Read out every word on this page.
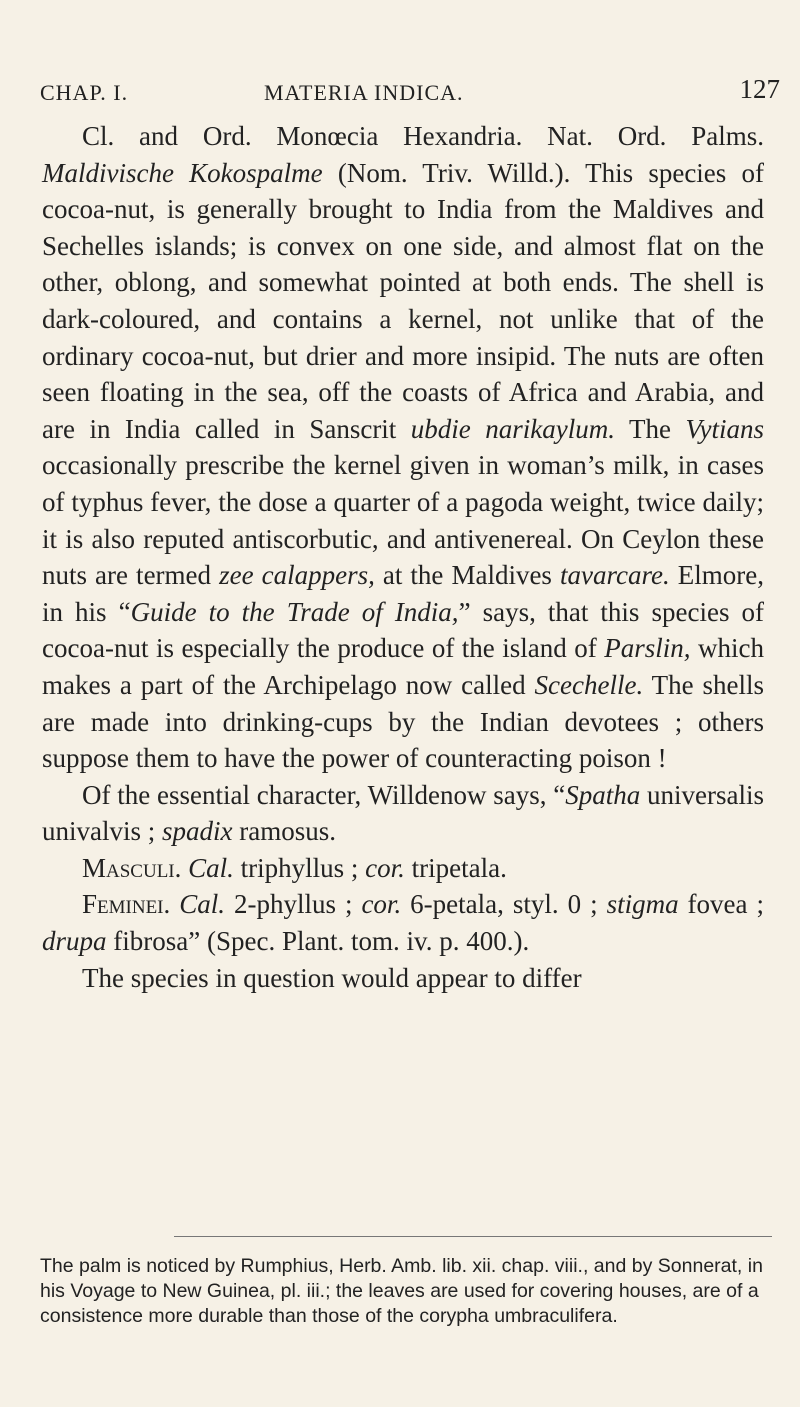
CHAP. I.	MATERIA INDICA.	127

Cl. and Ord. Monœcia Hexandria. Nat. Ord. Palms. Maldivische Kokospalme (Nom. Triv. Willd.). This species of cocoa-nut, is generally brought to India from the Maldives and Sechelles islands; is convex on one side, and almost flat on the other, oblong, and somewhat pointed at both ends. The shell is dark-coloured, and contains a kernel, not unlike that of the ordinary cocoa-nut, but drier and more insipid. The nuts are often seen floating in the sea, off the coasts of Africa and Arabia, and are in India called in Sanscrit ubdie narikaylum. The Vytians occasionally prescribe the kernel given in woman’s milk, in cases of typhus fever, the dose a quarter of a pagoda weight, twice daily; it is also reputed antiscorbutic, and antivenereal. On Ceylon these nuts are termed zee calappers, at the Maldives tavarcare. Elmore, in his “Guide to the Trade of India,” says, that this species of cocoa-nut is especially the produce of the island of Parslin, which makes a part of the Archipelago now called Scechelle. The shells are made into drinking-cups by the Indian devotees ; others suppose them to have the power of counteracting poison !

Of the essential character, Willdenow says, “Spatha universalis univalvis ; spadix ramosus.

Masculi. Cal. triphyllus ; cor. tripetala.

Feminei. Cal. 2-phyllus ; cor. 6-petala, styl. 0 ; stigma fovea ; drupa fibrosa” (Spec. Plant. tom. iv. p. 400.).

The species in question would appear to differ

The palm is noticed by Rumphius, Herb. Amb. lib. xii. chap. viii., and by Sonnerat, in his Voyage to New Guinea, pl. iii.; the leaves are used for covering houses, are of a consistence more durable than those of the corypha umbraculifera.
